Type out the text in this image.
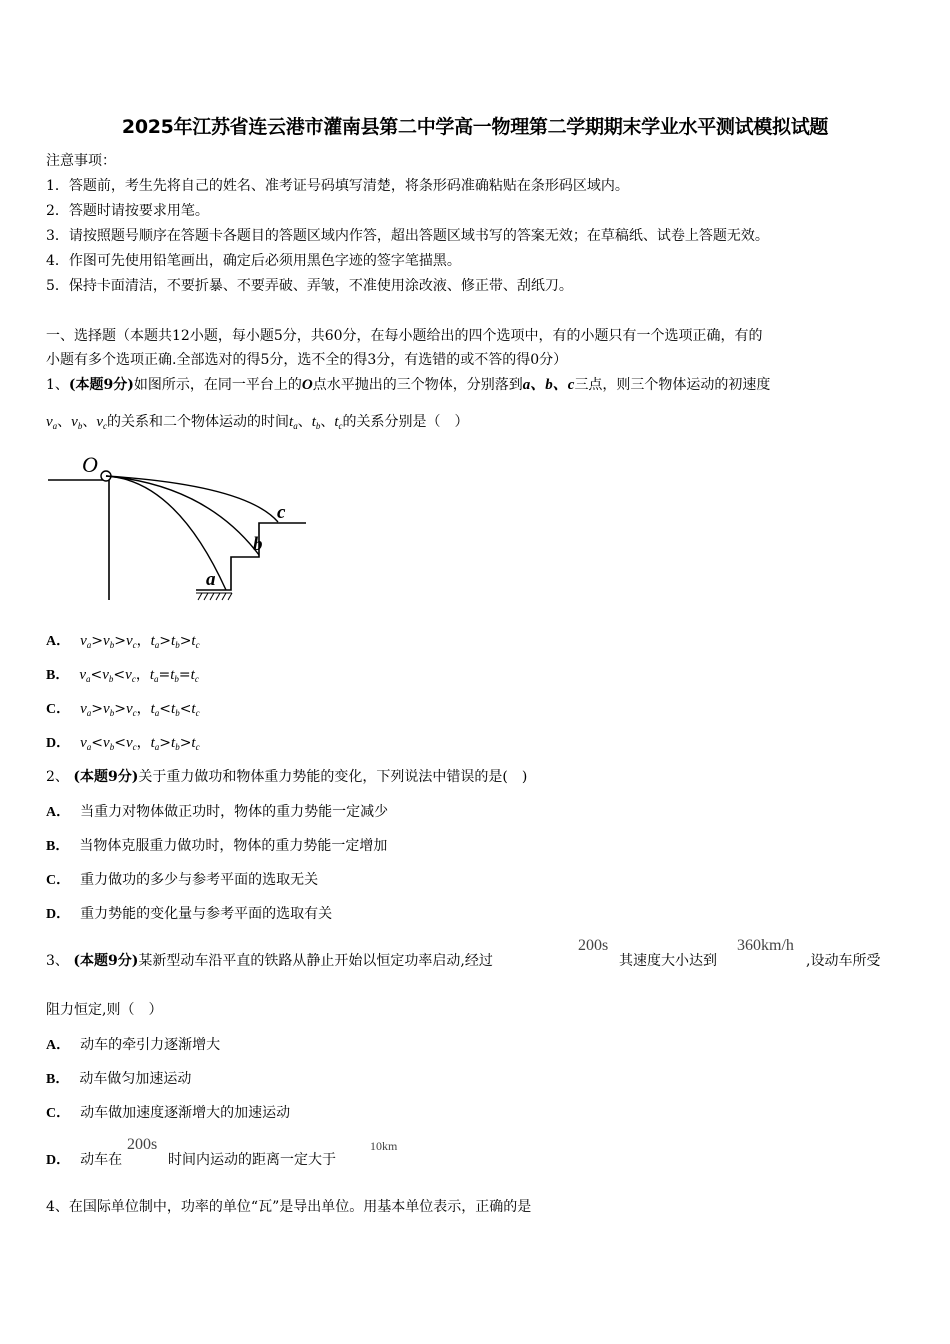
2025年江苏省连云港市灌南县第二中学高一物理第二学期期末学业水平测试模拟试题
注意事项：
1．答题前，考生先将自己的姓名、准考证号码填写清楚，将条形码准确粘贴在条形码区域内。
2．答题时请按要求用笔。
3．请按照题号顺序在答题卡各题目的答题区域内作答，超出答题区域书写的答案无效；在草稿纸、试卷上答题无效。
4．作图可先使用铅笔画出，确定后必须用黑色字迹的签字笔描黑。
5．保持卡面清洁，不要折暴、不要弄破、弄皱，不准使用涂改液、修正带、刮纸刀。
一、选择题（本题共12小题，每小题5分，共60分，在每小题给出的四个选项中，有的小题只有一个选项正确，有的
小题有多个选项正确.全部选对的得5分，选不全的得3分，有选错的或不答的得0分）
1、(本题9分)如图所示，在同一平台上的O点水平抛出的三个物体，分别落到a、b、c三点，则三个物体运动的初速度
$v_a$、$v_b$、$v_c$的关系和二个物体运动的时间$t_a$、$t_b$、$t_c$的关系分别是（　）
O
a
b
c
A． $v_a>v_b>v_c$，$t_a>t_b>t_c$
B． $v_a<v_b<v_c$，$t_a=t_b=t_c$
C． $v_a>v_b>v_c$，$t_a<t_b<t_c$
D． $v_a<v_b<v_c$，$t_a>t_b>t_c$
2、 (本题9分)关于重力做功和物体重力势能的变化，下列说法中错误的是(　)
A． 当重力对物体做正功时，物体的重力势能一定减少
B． 当物体克服重力做功时，物体的重力势能一定增加
C． 重力做功的多少与参考平面的选取无关
D． 重力势能的变化量与参考平面的选取有关
3、 (本题9分)某新型动车沿平直的铁路从静止开始以恒定功率启动,经过
200s
其速度大小达到
360km/h
,设动车所受
阻力恒定,则（　）
A． 动车的牵引力逐渐增大
B． 动车做匀加速运动
C． 动车做加速度逐渐增大的加速运动
D． 动车在
200s
时间内运动的距离一定大于
10km
4、在国际单位制中，功率的单位“瓦”是导出单位。用基本单位表示，正确的是
